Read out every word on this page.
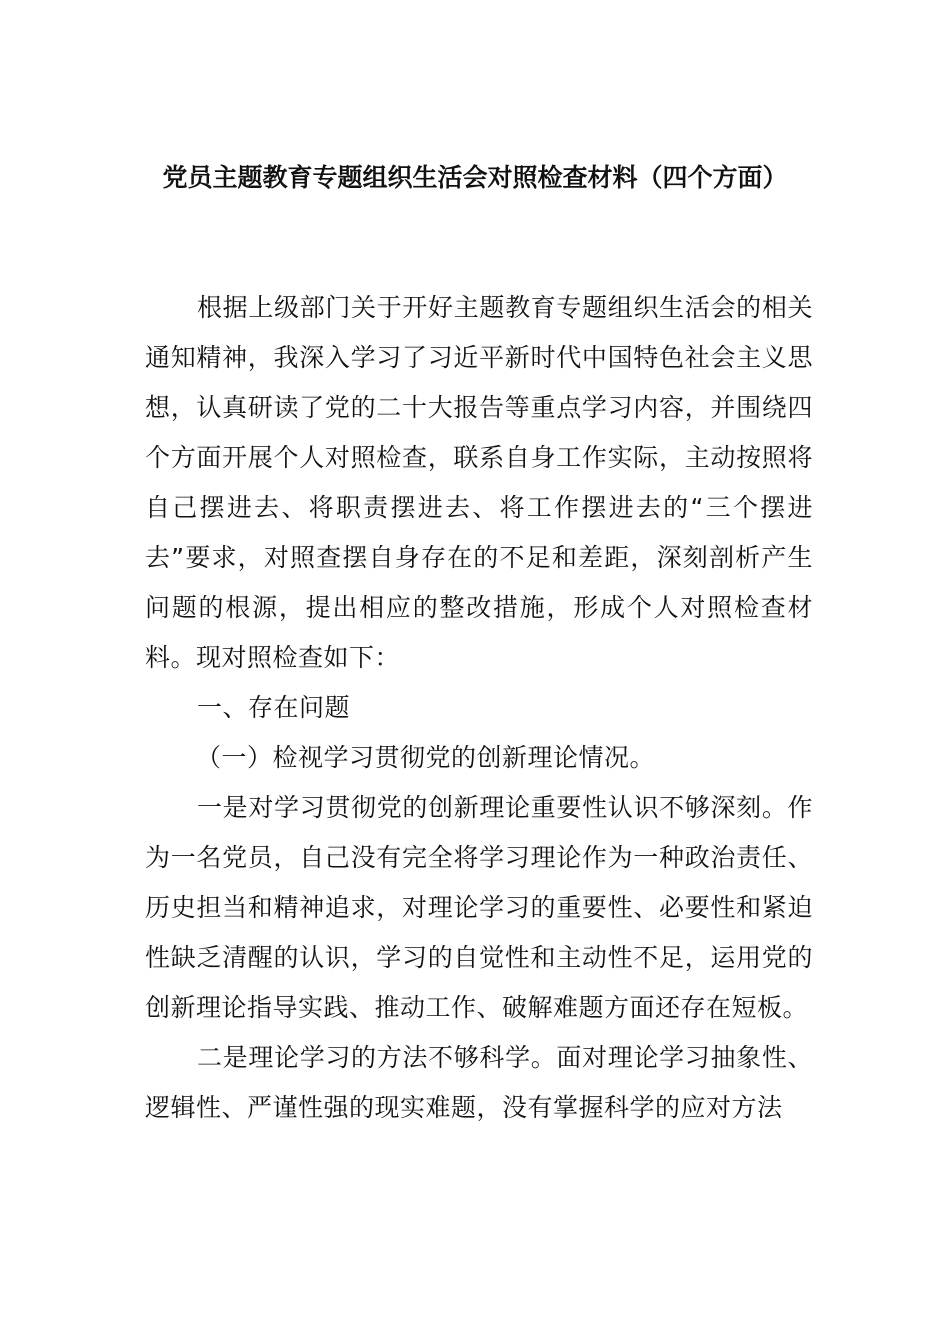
党员主题教育专题组织生活会对照检查材料（四个方面）

根据上级部门关于开好主题教育专题组织生活会的相关通知精神，我深入学习了习近平新时代中国特色社会主义思想，认真研读了党的二十大报告等重点学习内容，并围绕四个方面开展个人对照检查，联系自身工作实际，主动按照将自己摆进去、将职责摆进去、将工作摆进去的“三个摆进去”要求，对照查摆自身存在的不足和差距，深刻剖析产生问题的根源，提出相应的整改措施，形成个人对照检查材料。现对照检查如下：

一、存在问题

（一）检视学习贯彻党的创新理论情况。

一是对学习贯彻党的创新理论重要性认识不够深刻。作为一名党员，自己没有完全将学习理论作为一种政治责任、历史担当和精神追求，对理论学习的重要性、必要性和紧迫性缺乏清醒的认识，学习的自觉性和主动性不足，运用党的创新理论指导实践、推动工作、破解难题方面还存在短板。

二是理论学习的方法不够科学。面对理论学习抽象性、逻辑性、严谨性强的现实难题，没有掌握科学的应对方法
